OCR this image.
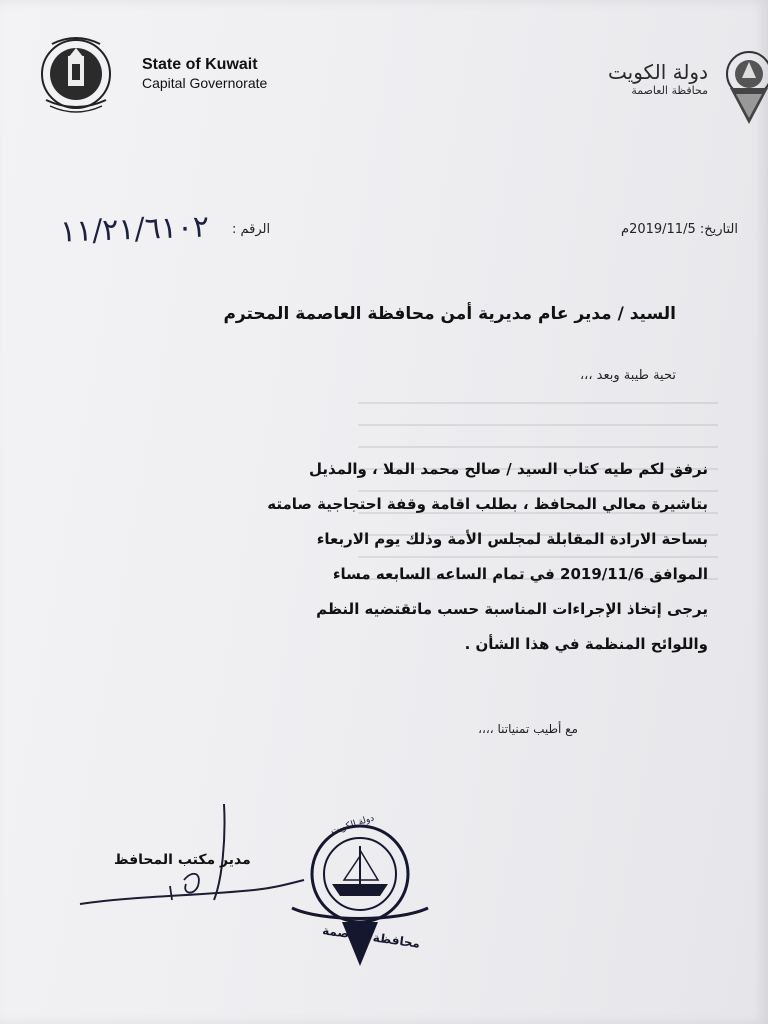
State of Kuwait
Capital Governorate	دولة الكويت
محافظة العاصمة
الرقم :
١١/٢١/٦١٠٢	التاريخ: 2019/11/5م
السيد / مدير عام مديرية أمن محافظة العاصمة المحترم
تحية طيبة وبعد ،،،
نرفق لكم طيه كتاب السيد / صالح محمد الملا ، والمذيل
بتاشيرة معالي المحافظ ، بطلب اقامة وقفة احتجاجية صامته
بساحة الارادة المقابلة لمجلس الأمة وذلك يوم الاربعاء
الموافق 2019/11/6 في تمام الساعه السابعه مساء
يرجى إتخاذ الإجراءات المناسبة حسب ماتقتضيه النظم
واللوائح المنظمة في هذا الشأن .
مع أطيب تمنياتنا ،،،،
مدير مكتب المحافظ
دولة الكويت
محافظة العاصمة
